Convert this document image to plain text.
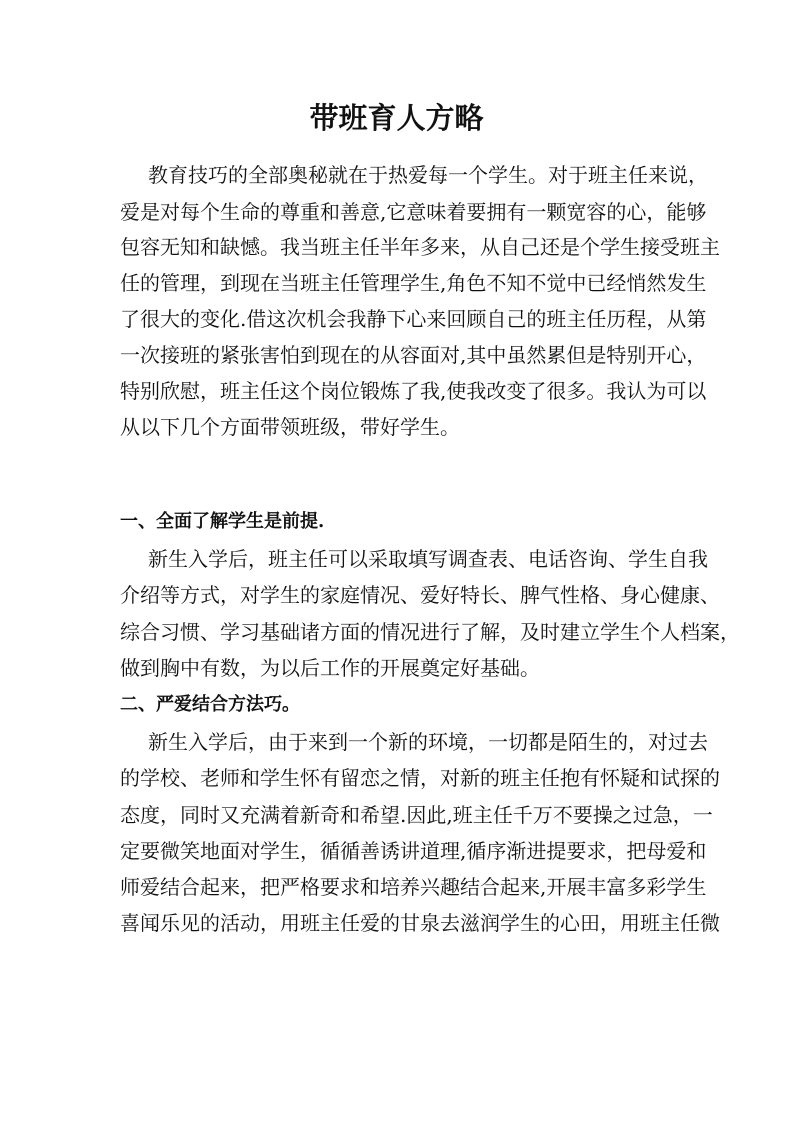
带班育人方略
教育技巧的全部奥秘就在于热爱每一个学生。对于班主任来说，
爱是对每个生命的尊重和善意,它意味着要拥有一颗宽容的心，能够
包容无知和缺憾。我当班主任半年多来，从自己还是个学生接受班主
任的管理，到现在当班主任管理学生,角色不知不觉中已经悄然发生
了很大的变化.借这次机会我静下心来回顾自己的班主任历程，从第
一次接班的紧张害怕到现在的从容面对,其中虽然累但是特别开心，
特别欣慰，班主任这个岗位锻炼了我,使我改变了很多。我认为可以
从以下几个方面带领班级，带好学生。
一、全面了解学生是前提.
新生入学后，班主任可以采取填写调查表、电话咨询、学生自我
介绍等方式，对学生的家庭情况、爱好特长、脾气性格、身心健康、
综合习惯、学习基础诸方面的情况进行了解，及时建立学生个人档案，
做到胸中有数，为以后工作的开展奠定好基础。
二、严爱结合方法巧。
新生入学后，由于来到一个新的环境，一切都是陌生的，对过去
的学校、老师和学生怀有留恋之情，对新的班主任抱有怀疑和试探的
态度，同时又充满着新奇和希望.因此,班主任千万不要操之过急，一
定要微笑地面对学生，循循善诱讲道理,循序渐进提要求，把母爱和
师爱结合起来，把严格要求和培养兴趣结合起来,开展丰富多彩学生
喜闻乐见的活动，用班主任爱的甘泉去滋润学生的心田，用班主任微
